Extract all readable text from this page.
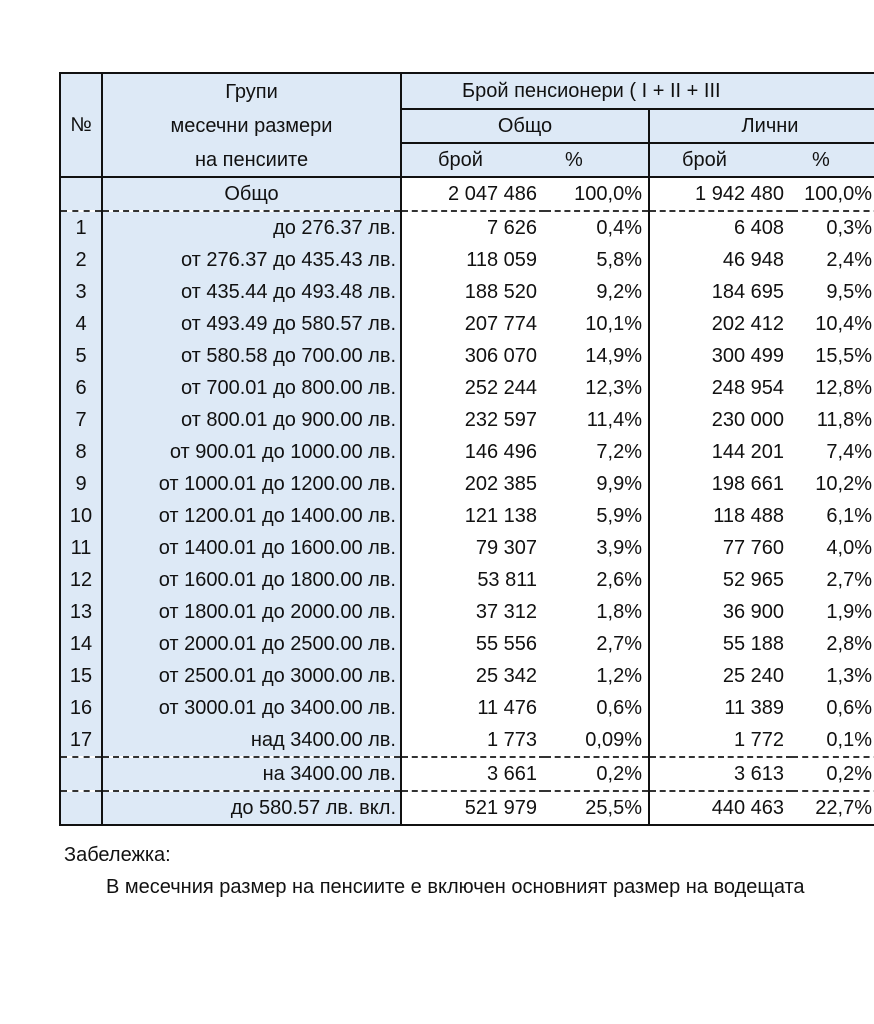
№	Групи	Брой пенсионери ( I + II + III			
	месечни размери	Общо		Лични	
	на пенсиите	брой	%	брой	%
	Общо	2 047 486	100,0%	1 942 480	100,0%
1	до 276.37 лв.	7 626	0,4%	6 408	0,3%
2	от 276.37 до 435.43 лв.	118 059	5,8%	46 948	2,4%
3	от 435.44 до 493.48 лв.	188 520	9,2%	184 695	9,5%
4	от 493.49 до 580.57 лв.	207 774	10,1%	202 412	10,4%
5	от 580.58 до 700.00 лв.	306 070	14,9%	300 499	15,5%
6	от 700.01 до 800.00 лв.	252 244	12,3%	248 954	12,8%
7	от 800.01 до 900.00 лв.	232 597	11,4%	230 000	11,8%
8	от 900.01 до 1000.00 лв.	146 496	7,2%	144 201	7,4%
9	от 1000.01 до 1200.00 лв.	202 385	9,9%	198 661	10,2%
10	от 1200.01 до 1400.00 лв.	121 138	5,9%	118 488	6,1%
11	от 1400.01 до 1600.00 лв.	79 307	3,9%	77 760	4,0%
12	от 1600.01 до 1800.00 лв.	53 811	2,6%	52 965	2,7%
13	от 1800.01 до 2000.00 лв.	37 312	1,8%	36 900	1,9%
14	от 2000.01 до 2500.00 лв.	55 556	2,7%	55 188	2,8%
15	от 2500.01 до 3000.00 лв.	25 342	1,2%	25 240	1,3%
16	от 3000.01 до 3400.00 лв.	11 476	0,6%	11 389	0,6%
17	над 3400.00 лв.	1 773	0,09%	1 772	0,1%
	на 3400.00 лв.	3 661	0,2%	3 613	0,2%
	до 580.57 лв. вкл.	521 979	25,5%	440 463	22,7%
Забележка:
В месечния размер на пенсиите е включен основният размер на водещата
